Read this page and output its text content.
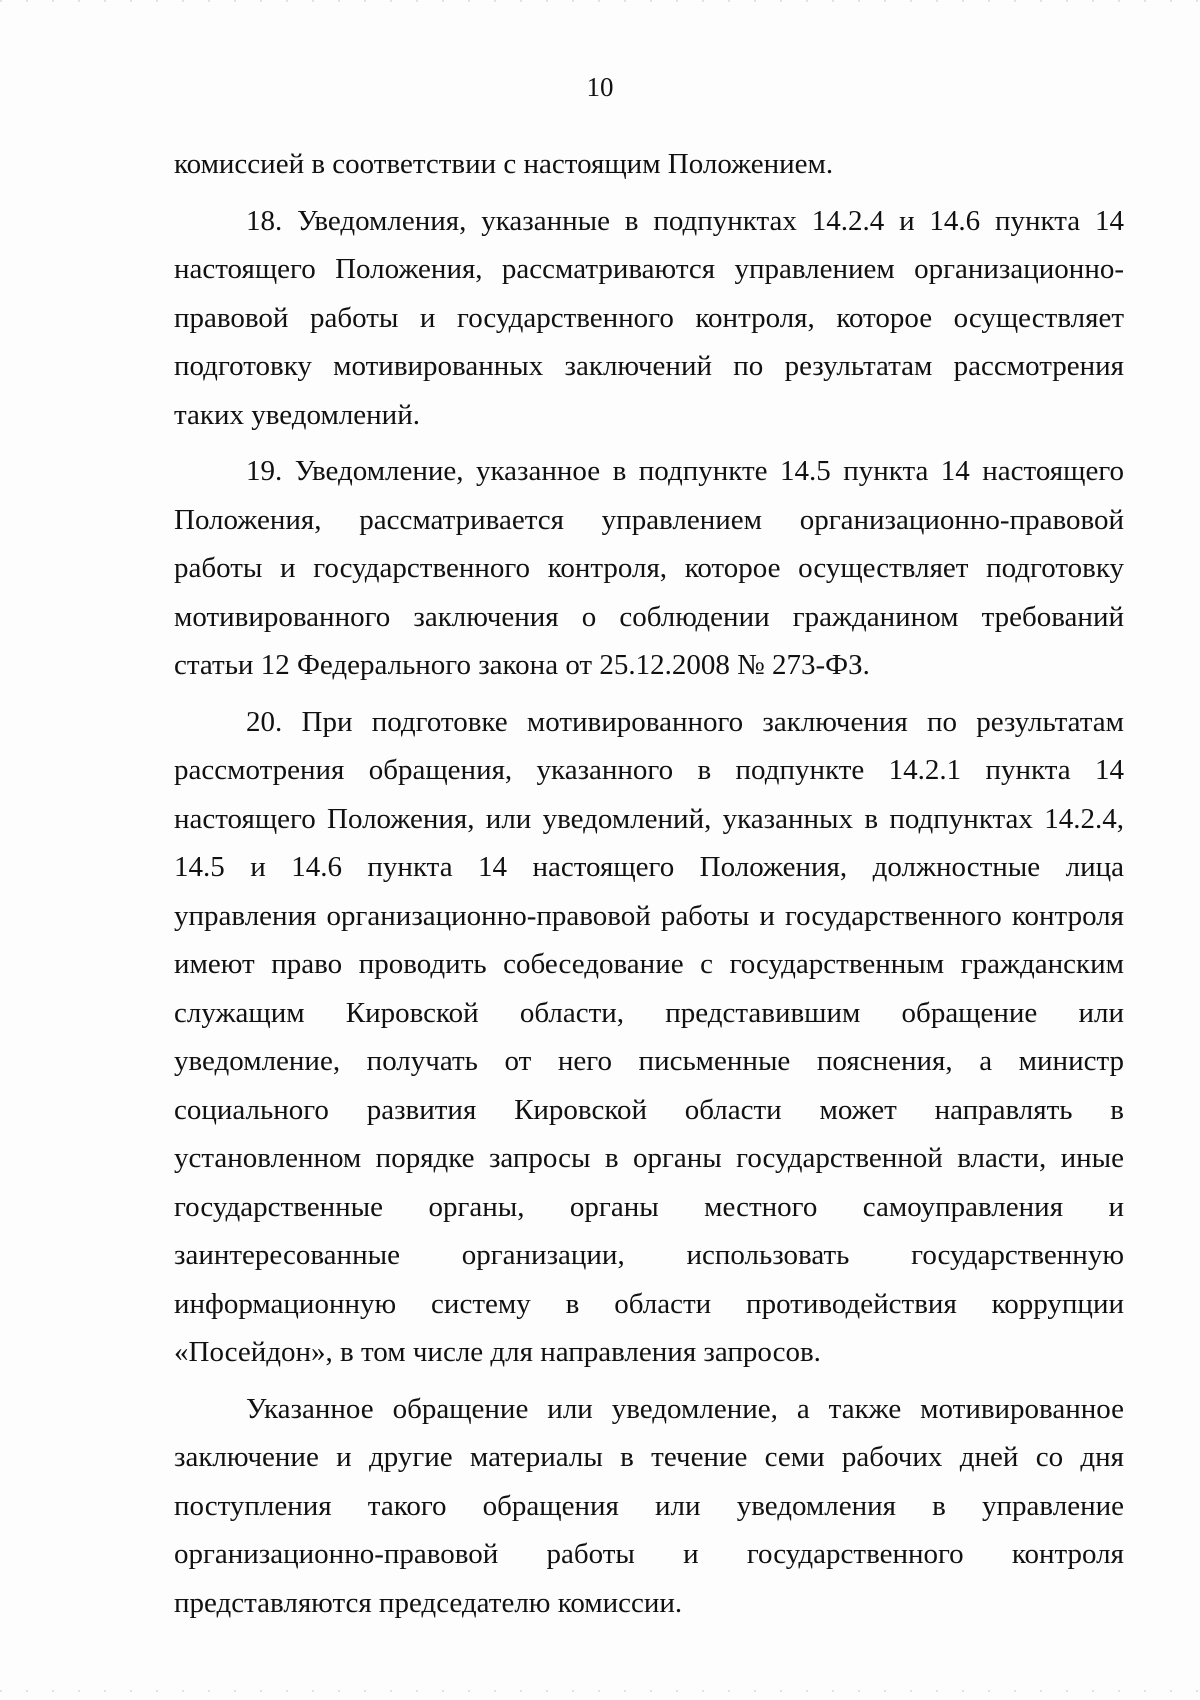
10

комиссией в соответствии с настоящим Положением.

18. Уведомления, указанные в подпунктах 14.2.4 и 14.6 пункта 14 настоящего Положения, рассматриваются управлением организационно-правовой работы и государственного контроля, которое осуществляет подготовку мотивированных заключений по результатам рассмотрения таких уведомлений.

19. Уведомление, указанное в подпункте 14.5 пункта 14 настоящего Положения, рассматривается управлением организационно-правовой работы и государственного контроля, которое осуществляет подготовку мотивированного заключения о соблюдении гражданином требований статьи 12 Федерального закона от 25.12.2008 № 273-ФЗ.

20. При подготовке мотивированного заключения по результатам рассмотрения обращения, указанного в подпункте 14.2.1 пункта 14 настоящего Положения, или уведомлений, указанных в подпунктах 14.2.4, 14.5 и 14.6 пункта 14 настоящего Положения, должностные лица управления организационно-правовой работы и государственного контроля имеют право проводить собеседование с государственным гражданским служащим Кировской области, представившим обращение или уведомление, получать от него письменные пояснения, а министр социального развития Кировской области может направлять в установленном порядке запросы в органы государственной власти, иные государственные органы, органы местного самоуправления и заинтересованные организации, использовать государственную информационную систему в области противодействия коррупции «Посейдон», в том числе для направления запросов.

Указанное обращение или уведомление, а также мотивированное заключение и другие материалы в течение семи рабочих дней со дня поступления такого обращения или уведомления в управление организационно-правовой работы и государственного контроля представляются председателю комиссии.
